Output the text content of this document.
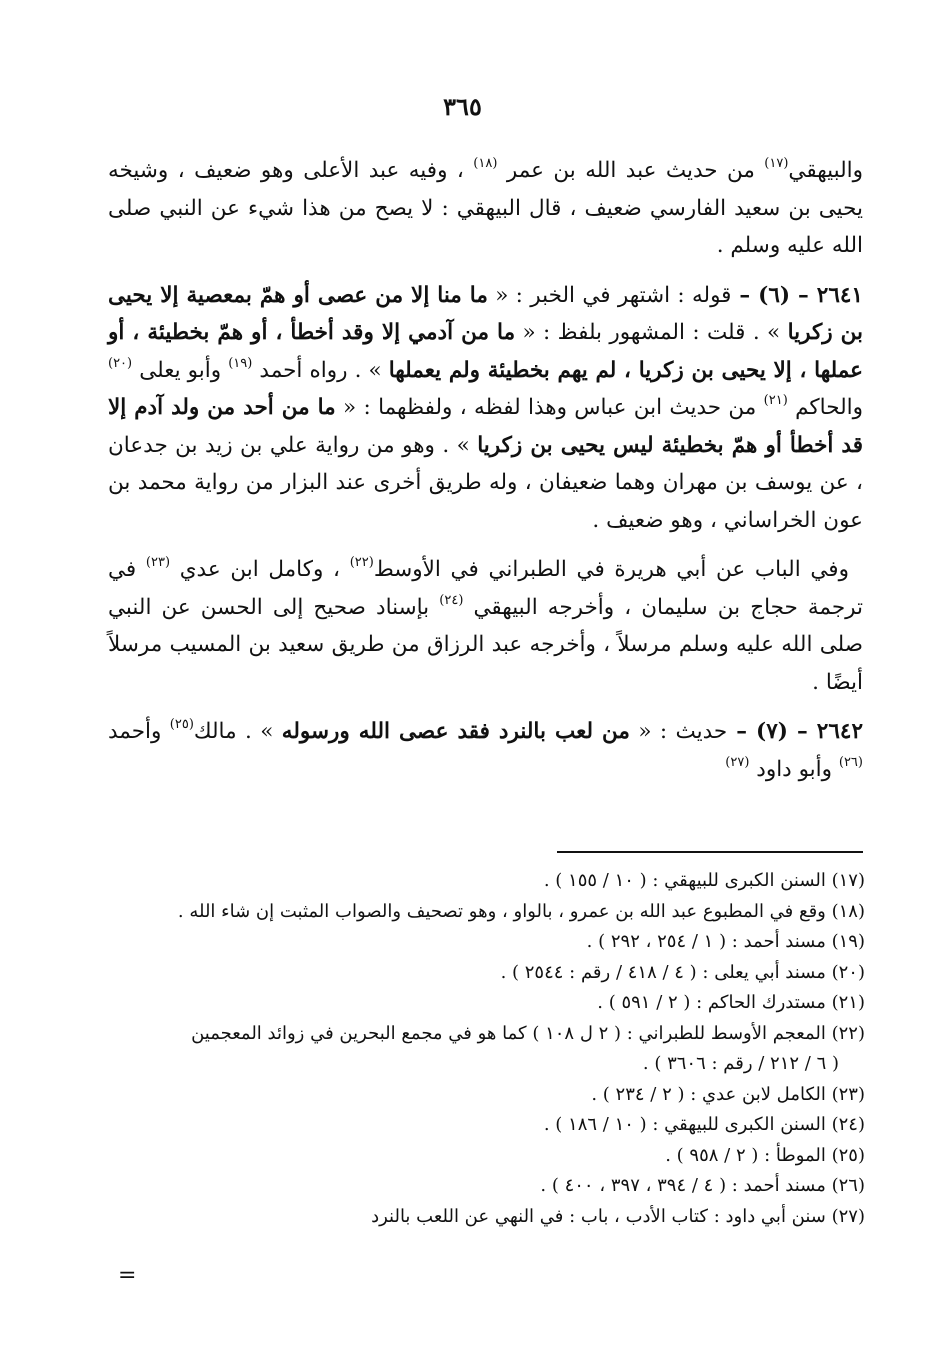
٣٦٥

والبيهقي$^{(١٧)}$ من حديث عبد الله بن عمر $^{(١٨)}$ ، وفيه عبد الأعلى وهو ضعيف ، وشيخه يحيى بن سعيد الفارسي ضعيف ، قال البيهقي : لا يصح من هذا شيء عن النبي صلى الله عليه وسلم .

٢٦٤١ – (٦) – قوله : اشتهر في الخبر : « ما منا إلا من عصى أو همّ بمعصية إلا يحيى بن زكريا » . قلت : المشهور بلفظ : « ما من آدمي إلا وقد أخطأ ، أو همّ بخطيئة ، أو عملها ، إلا يحيى بن زكريا ، لم يهم بخطيئة ولم يعملها » . رواه أحمد $^{(١٩)}$ وأبو يعلى $^{(٢٠)}$ والحاكم $^{(٢١)}$ من حديث ابن عباس وهذا لفظه ، ولفظهما : « ما من أحد من ولد آدم إلا قد أخطأ أو همّ بخطيئة ليس يحيى بن زكريا » . وهو من رواية علي بن زيد بن جدعان ، عن يوسف بن مهران وهما ضعيفان ، وله طريق أخرى عند البزار من رواية محمد بن عون الخراساني ، وهو ضعيف .

وفي الباب عن أبي هريرة في الطبراني في الأوسط$^{(٢٢)}$ ، وكامل ابن عدي $^{(٢٣)}$ في ترجمة حجاج بن سليمان ، وأخرجه البيهقي $^{(٢٤)}$ بإسناد صحيح إلى الحسن عن النبي صلى الله عليه وسلم مرسلاً ، وأخرجه عبد الرزاق من طريق سعيد بن المسيب مرسلاً أيضًا .

٢٦٤٢ – (٧) – حديث : « من لعب بالنرد فقد عصى الله ورسوله » . مالك$^{(٢٥)}$ وأحمد $^{(٢٦)}$ وأبو داود $^{(٢٧)}$

(١٧) السنن الكبرى للبيهقي : ( ١٠ / ١٥٥ ) .

(١٨) وقع في المطبوع عبد الله بن عمرو ، بالواو ، وهو تصحيف والصواب المثبت إن شاء الله .

(١٩) مسند أحمد : ( ١ / ٢٥٤ ، ٢٩٢ ) .

(٢٠) مسند أبي يعلى : ( ٤ / ٤١٨ / رقم : ٢٥٤٤ ) .

(٢١) مستدرك الحاكم : ( ٢ / ٥٩١ ) .

(٢٢) المعجم الأوسط للطبراني : ( ٢ ل ١٠٨ ) كما هو في مجمع البحرين في زوائد المعجمين

( ٦ / ٢١٢ / رقم : ٣٦٠٦ ) .

(٢٣) الكامل لابن عدي : ( ٢ / ٢٣٤ ) .

(٢٤) السنن الكبرى للبيهقي : ( ١٠ / ١٨٦ ) .

(٢٥) الموطأ : ( ٢ / ٩٥٨ ) .

(٢٦) مسند أحمد : ( ٤ / ٣٩٤ ، ٣٩٧ ، ٤٠٠ ) .

(٢٧) سنن أبي داود : كتاب الأدب ، باب : في النهي عن اللعب بالنرد

=
